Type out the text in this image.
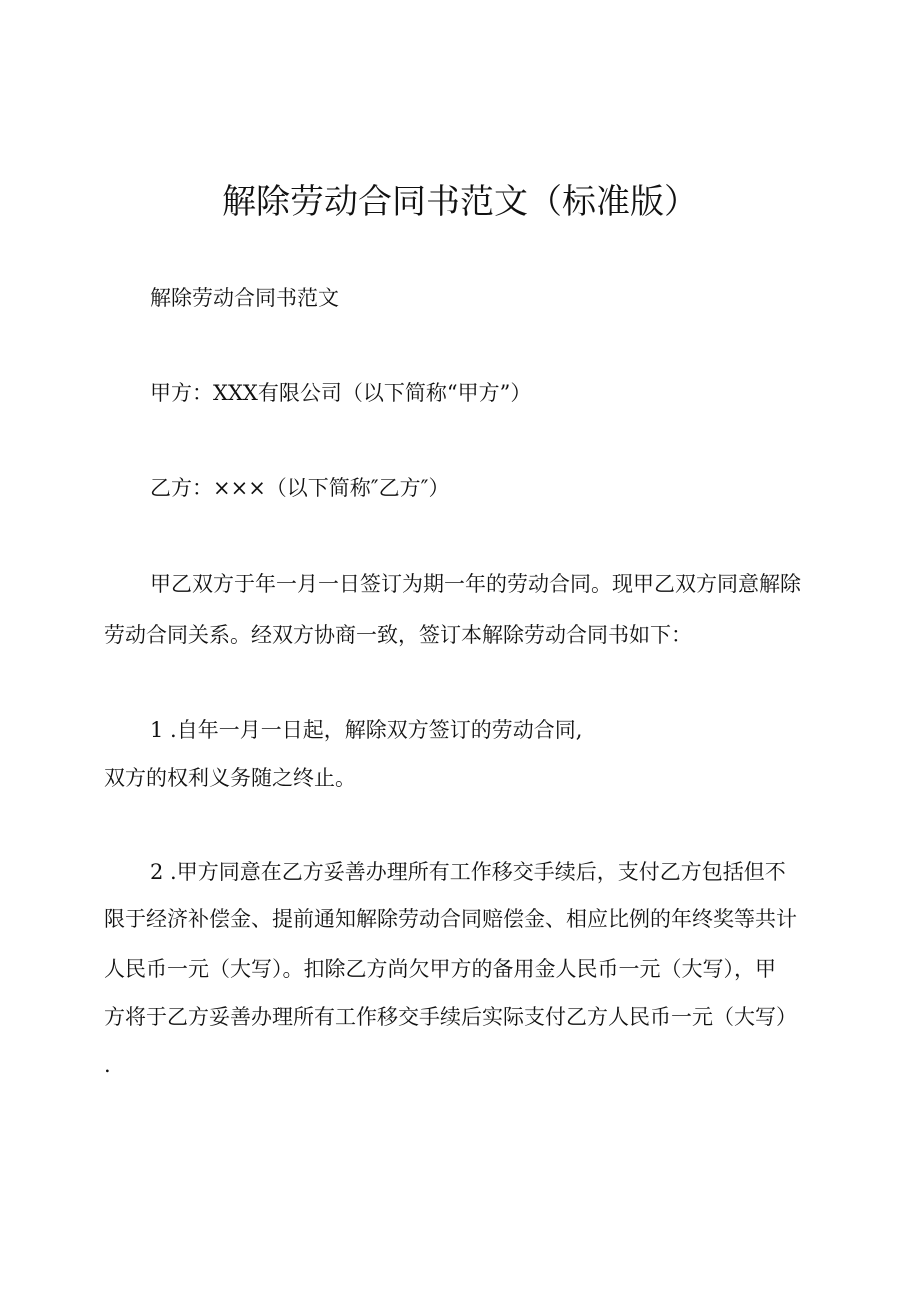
解除劳动合同书范文（标准版）
解除劳动合同书范文
甲方：XXX有限公司（以下简称“甲方”）
乙方：×××（以下简称″乙方″）
甲乙双方于年一月一日签订为期一年的劳动合同。现甲乙双方同意解除
劳动合同关系。经双方协商一致，签订本解除劳动合同书如下：
1 .自年一月一日起，解除双方签订的劳动合同,
双方的权利义务随之终止。
2 .甲方同意在乙方妥善办理所有工作移交手续后，支付乙方包括但不
限于经济补偿金、提前通知解除劳动合同赔偿金、相应比例的年终奖等共计
人民币一元（大写）。扣除乙方尚欠甲方的备用金人民币一元（大写），甲
方将于乙方妥善办理所有工作移交手续后实际支付乙方人民币一元（大写）
.
